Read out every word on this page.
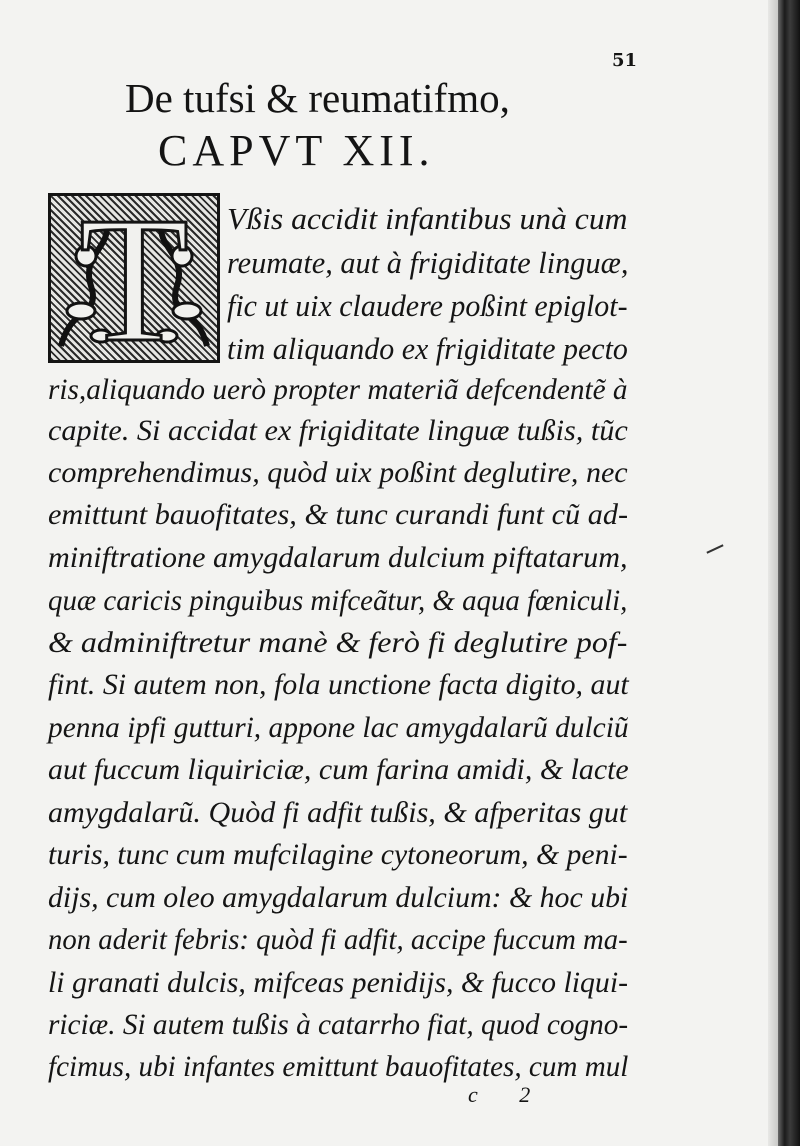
51
De tufsi & reumatifmo,
CAPVT XII.
T	Vßis accidit infantibus unà cum
reumate, aut à frigiditate linguæ,
fic ut uix claudere poßint epiglot-
tim aliquando ex frigiditate pecto
ris,aliquando uerò propter materiã defcendentẽ à
capite. Si accidat ex frigiditate linguæ tußis, tũc
comprehendimus, quòd uix poßint deglutire, nec
emittunt bauofitates, & tunc curandi funt cũ ad-
miniftratione amygdalarum dulcium piftatarum,
quæ caricis pinguibus mifceãtur, & aqua fœniculi,
& adminiftretur manè & ferò fi deglutire pof-
fint. Si autem non, fola unctione facta digito, aut
penna ipfi gutturi, appone lac amygdalarũ dulciũ
aut fuccum liquiriciæ, cum farina amidi, & lacte
amygdalarũ. Quòd fi adfit tußis, & afperitas gut
turis, tunc cum mufcilagine cytoneorum, & peni-
dijs, cum oleo amygdalarum dulcium: & hoc ubi
non aderit febris: quòd fi adfit, accipe fuccum ma-
li granati dulcis, mifceas penidijs, & fucco liqui-
riciæ. Si autem tußis à catarrho fiat, quod cogno-
fcimus, ubi infantes emittunt bauofitates, cum mul
c 2
